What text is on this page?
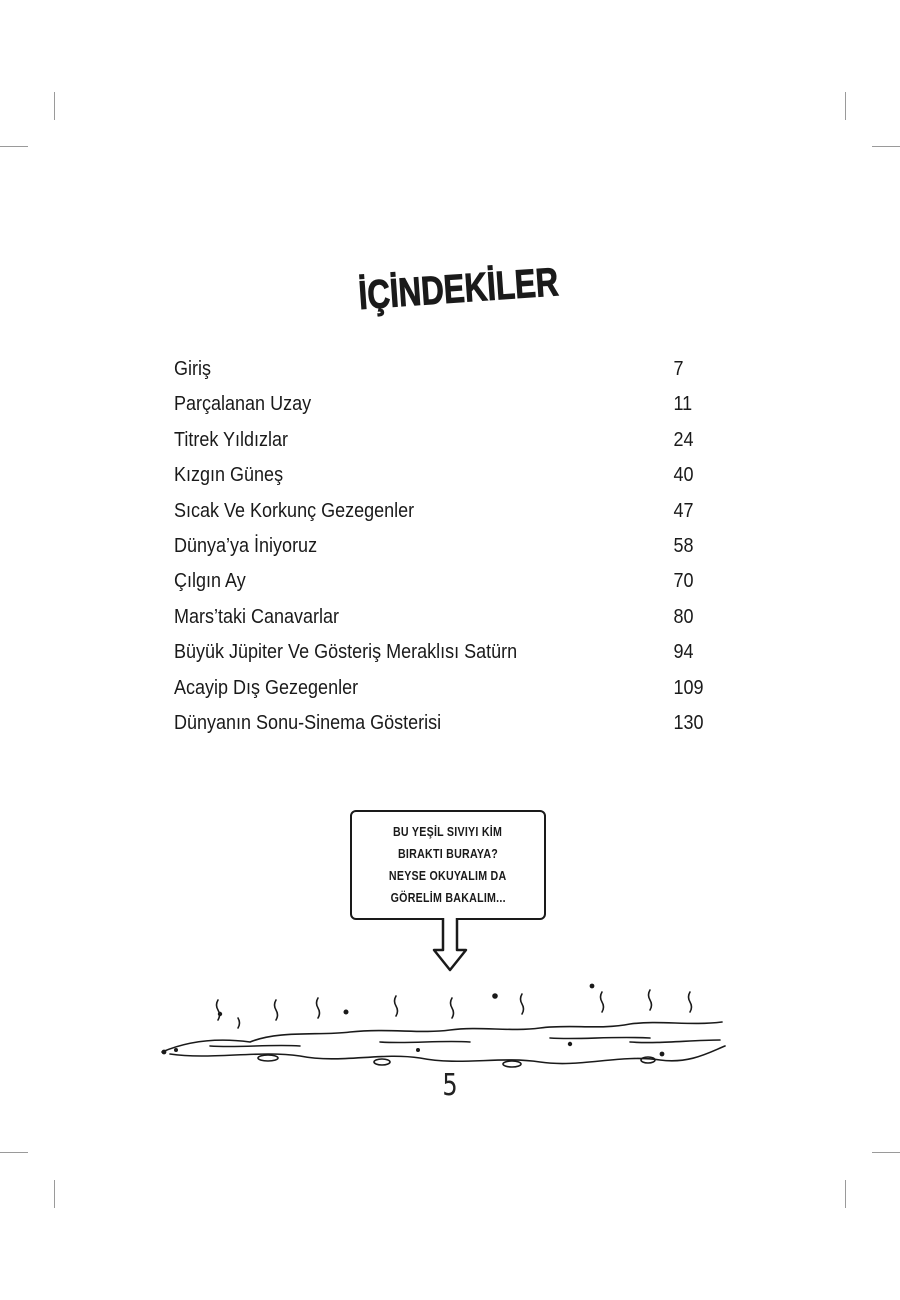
İÇİNDEKİLER
Giriş	7
Parçalanan Uzay	11
Titrek Yıldızlar	24
Kızgın Güneş	40
Sıcak Ve Korkunç Gezegenler	47
Dünya’ya İniyoruz	58
Çılgın Ay	70
Mars’taki Canavarlar	80
Büyük Jüpiter Ve Gösteriş Meraklısı Satürn	94
Acayip Dış Gezegenler	109
Dünyanın Sonu-Sinema Gösterisi	130
BU YEŞİL SIVIYI KİM
BIRAKTI BURAYA?
NEYSE OKUYALIM DA
GÖRELİM BAKALIM...
5
